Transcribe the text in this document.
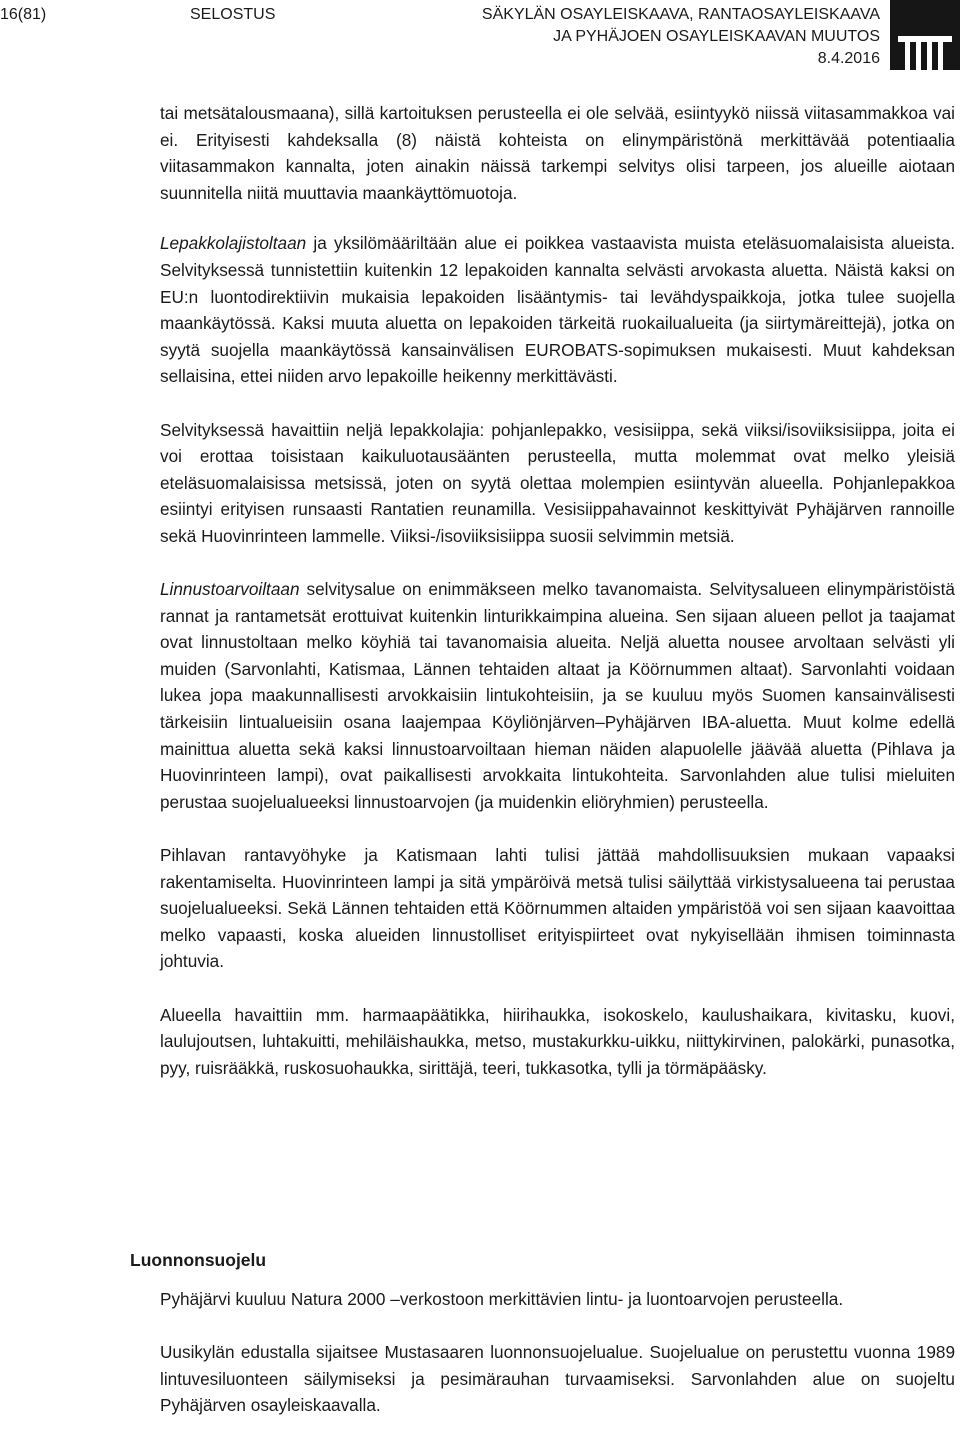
16(81)	SELOSTUS	SÄKYLÄN OSAYLEISKAAVA, RANTAOSAYLEISKAAVA
JA PYHÄJOEN OSAYLEISKAAVAN MUUTOS
8.4.2016

tai metsätalousmaana), sillä kartoituksen perusteella ei ole selvää, esiintyykö niissä viitasammakkoa vai ei. Erityisesti kahdeksalla (8) näistä kohteista on elinympäristönä merkittävää potentiaalia viitasammakon kannalta, joten ainakin näissä tarkempi selvitys olisi tarpeen, jos alueille aiotaan suunnitella niitä muuttavia maankäyttömuotoja.

Lepakkolajistoltaan ja yksilömääriltään alue ei poikkea vastaavista muista eteläsuomalaisista alueista. Selvityksessä tunnistettiin kuitenkin 12 lepakoiden kannalta selvästi arvokasta aluetta. Näistä kaksi on EU:n luontodirektiivin mukaisia lepakoiden lisääntymis- tai levähdyspaikkoja, jotka tulee suojella maankäytössä. Kaksi muuta aluetta on lepakoiden tärkeitä ruokailualueita (ja siirtymäreittejä), jotka on syytä suojella maankäytössä kansainvälisen EUROBATS-sopimuksen mukaisesti. Muut kahdeksan sellaisina, ettei niiden arvo lepakoille heikenny merkittävästi.

Selvityksessä havaittiin neljä lepakkolajia: pohjanlepakko, vesisiippa, sekä viiksi/isoviiksisiippa, joita ei voi erottaa toisistaan kaikuluotausäänten perusteella, mutta molemmat ovat melko yleisiä eteläsuomalaisissa metsissä, joten on syytä olettaa molempien esiintyvän alueella. Pohjanlepakkoa esiintyi erityisen runsaasti Rantatien reunamilla. Vesisiippahavainnot keskittyivät Pyhäjärven rannoille sekä Huovinrinteen lammelle. Viiksi-/isoviiksisiippa suosii selvimmin metsiä.

Linnustoarvoiltaan selvitysalue on enimmäkseen melko tavanomaista. Selvitysalueen elinympäristöistä rannat ja rantametsät erottuivat kuitenkin linturikkaimpina alueina. Sen sijaan alueen pellot ja taajamat ovat linnustoltaan melko köyhiä tai tavanomaisia alueita. Neljä aluetta nousee arvoltaan selvästi yli muiden (Sarvonlahti, Katismaa, Lännen tehtaiden altaat ja Köörnummen altaat). Sarvonlahti voidaan lukea jopa maakunnallisesti arvokkaisiin lintukohteisiin, ja se kuuluu myös Suomen kansainvälisesti tärkeisiin lintualueisiin osana laajempaa Köyliönjärven–Pyhäjärven IBA-aluetta. Muut kolme edellä mainittua aluetta sekä kaksi linnustoarvoiltaan hieman näiden alapuolelle jäävää aluetta (Pihlava ja Huovinrinteen lampi), ovat paikallisesti arvokkaita lintukohteita. Sarvonlahden alue tulisi mieluiten perustaa suojelualueeksi linnustoarvojen (ja muidenkin eliöryhmien) perusteella.

Pihlavan rantavyöhyke ja Katismaan lahti tulisi jättää mahdollisuuksien mukaan vapaaksi rakentamiselta. Huovinrinteen lampi ja sitä ympäröivä metsä tulisi säilyttää virkistysalueena tai perustaa suojelualueeksi. Sekä Lännen tehtaiden että Köörnummen altaiden ympäristöä voi sen sijaan kaavoittaa melko vapaasti, koska alueiden linnustolliset erityispiirteet ovat nykyisellään ihmisen toiminnasta johtuvia.

Alueella havaittiin mm. harmaapäätikka, hiirihaukka, isokoskelo, kaulushaikara, kivitasku, kuovi, laulujoutsen, luhtakuitti, mehiläishaukka, metso, mustakurkku-uikku, niittykirvinen, palokärki, punasotka, pyy, ruisrääkkä, ruskosuohaukka, sirittäjä, teeri, tukkasotka, tylli ja törmäpääsky.

Luonnonsuojelu

Pyhäjärvi kuuluu Natura 2000 –verkostoon merkittävien lintu- ja luontoarvojen perusteella.

Uusikylän edustalla sijaitsee Mustasaaren luonnonsuojelualue. Suojelualue on perustettu vuonna 1989 lintuvesiluonteen säilymiseksi ja pesimärauhan turvaamiseksi. Sarvonlahden alue on suojeltu Pyhäjärven osayleiskaavalla.
